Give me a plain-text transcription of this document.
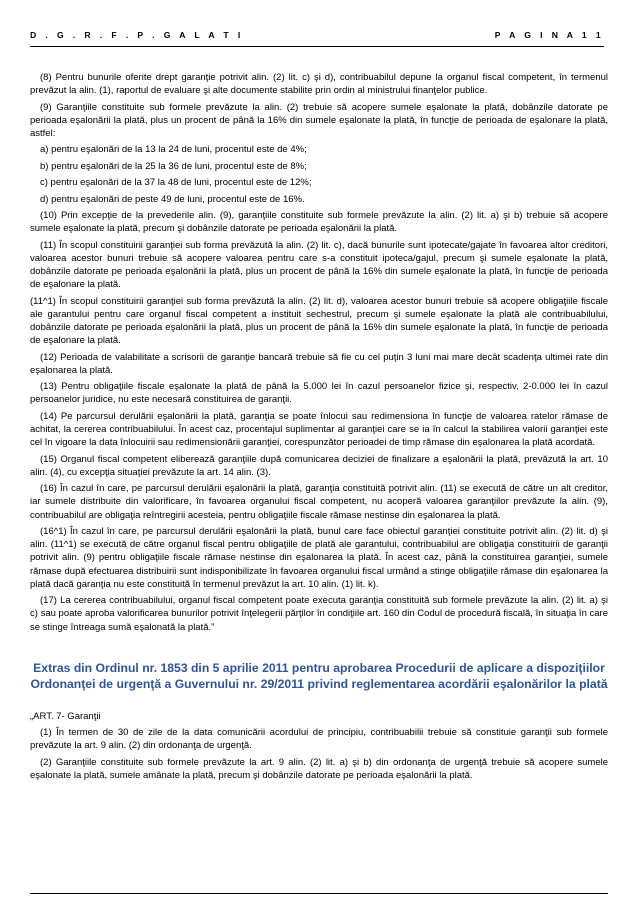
D . G . R . F . P . G A L A T I	P A G I N A 1 1

(8) Pentru bunurile oferite drept garanţie potrivit alin. (2) lit. c) şi d), contribuabilul depune la organul fiscal competent, în termenul prevăzut la alin. (1), raportul de evaluare şi alte documente stabilite prin ordin al ministrului finanţelor publice.

(9) Garanţiile constituite sub formele prevăzute la alin. (2) trebuie să acopere sumele eşalonate la plată, dobânzile datorate pe perioada eşalonării la plată, plus un procent de până la 16% din sumele eşalonate la plată, în funcţie de perioada de eşalonare la plată, astfel:

a) pentru eşalonări de la 13 la 24 de luni, procentul este de 4%;

b) pentru eşalonări de la 25 la 36 de luni, procentul este de 8%;

c) pentru eşalonări de la 37 la 48 de luni, procentul este de 12%;

d) pentru eşalonări de peste 49 de luni, procentul este de 16%.

(10) Prin excepţie de la prevederile alin. (9), garanţiile constituite sub formele prevăzute la alin. (2) lit. a) şi b) trebuie să acopere sumele eşalonate la plată, precum şi dobânzile datorate pe perioada eşalonării la plată.

(11) În scopul constituirii garanţiei sub forma prevăzută la alin. (2) lit. c), dacă bunurile sunt ipotecate/gajate în favoarea altor creditori, valoarea acestor bunuri trebuie să acopere valoarea pentru care s-a constituit ipoteca/gajul, precum şi sumele eşalonate la plată, dobânzile datorate pe perioada eşalonării la plată, plus un procent de până la 16% din sumele eşalonate la plată, în funcţie de perioada de eşalonare la plată.

(11^1) În scopul constituirii garanţiei sub forma prevăzută la alin. (2) lit. d), valoarea acestor bunuri trebuie să acopere obligaţiile fiscale ale garantului pentru care organul fiscal competent a instituit sechestrul, precum şi sumele eşalonate la plată ale contribuabilului, dobânzile datorate pe perioada eşalonării la plată, plus un procent de până la 16% din sumele eşalonate la plată, în funcţie de perioada de eşalonare la plată.

(12) Perioada de valabilitate a scrisorii de garanţie bancară trebuie să fie cu cel puţin 3 luni mai mare decât scadenţa ultimei rate din eşalonarea la plată.

(13) Pentru obligaţiile fiscale eşalonate la plată de până la 5.000 lei în cazul persoanelor fizice şi, respectiv, 2-0.000 lei în cazul persoanelor juridice, nu este necesară constituirea de garanţii.

(14) Pe parcursul derulării eşalonării la plată, garanţia se poate înlocui sau redimensiona în funcţie de valoarea ratelor rămase de achitat, la cererea contribuabilului. În acest caz, procentajul suplimentar al garanţiei care se ia în calcul la stabilirea valorii garanţiei este cel în vigoare la data înlocuirii sau redimensionării garanţiei, corespunzător perioadei de timp rămase din eşalonarea la plată acordată.

(15) Organul fiscal competent eliberează garanţiile după comunicarea deciziei de finalizare a eşalonării la plată, prevăzută la art. 10 alin. (4), cu excepţia situaţiei prevăzute la art. 14 alin. (3).

(16) În cazul în care, pe parcursul derulării eşalonării la plată, garanţia constituită potrivit alin. (11) se execută de către un alt creditor, iar sumele distribuite din valorificare, în favoarea organului fiscal competent, nu acoperă valoarea garanţiilor prevăzute la alin. (9), contribuabilul are obligaţia reîntregirii acesteia, pentru obligaţiile fiscale rămase nestinse din eşalonarea la plată.

(16^1) În cazul în care, pe parcursul derulării eşalonării la plată, bunul care face obiectul garanţiei constituite potrivit alin. (2) lit. d) şi alin. (11^1) se execută de către organul fiscal pentru obligaţiile de plată ale garantului, contribuabilul are obligaţia constituirii de garanţii potrivit alin. (9) pentru obligaţiile fiscale rămase nestinse din eşalonarea la plată. În acest caz, până la constituirea garanţiei, sumele rămase după efectuarea distribuirii sunt indisponibilizate în favoarea organului fiscal urmând a stinge obligaţiile rămase din eşalonarea la plată dacă garanţia nu este constituită în termenul prevăzut la art. 10 alin. (1) lit. k).

(17) La cererea contribuabilului, organul fiscal competent poate executa garanţia constituită sub formele prevăzute la alin. (2) lit. a) şi c) sau poate aproba valorificarea bunurilor potrivit înţelegerii părţilor în condiţiile art. 160 din Codul de procedură fiscală, în situaţia în care se stinge întreaga sumă eşalonată la plată.”

Extras din Ordinul nr. 1853 din 5 aprilie 2011 pentru aprobarea Procedurii de aplicare a dispoziţiilor Ordonanţei de urgenţă a Guvernului nr. 29/2011 privind reglementarea acordării eşalonărilor la plată

„ART. 7- Garanţii

(1) În termen de 30 de zile de la data comunicării acordului de principiu, contribuabilii trebuie să constituie garanţii sub formele prevăzute la art. 9 alin. (2) din ordonanţa de urgenţă.

(2) Garanţiile constituite sub formele prevăzute la art. 9 alin. (2) lit. a) şi b) din ordonanţa de urgenţă trebuie să acopere sumele eşalonate la plată, sumele amânate la plată, precum şi dobânzile datorate pe perioada eşalonării la plată.
